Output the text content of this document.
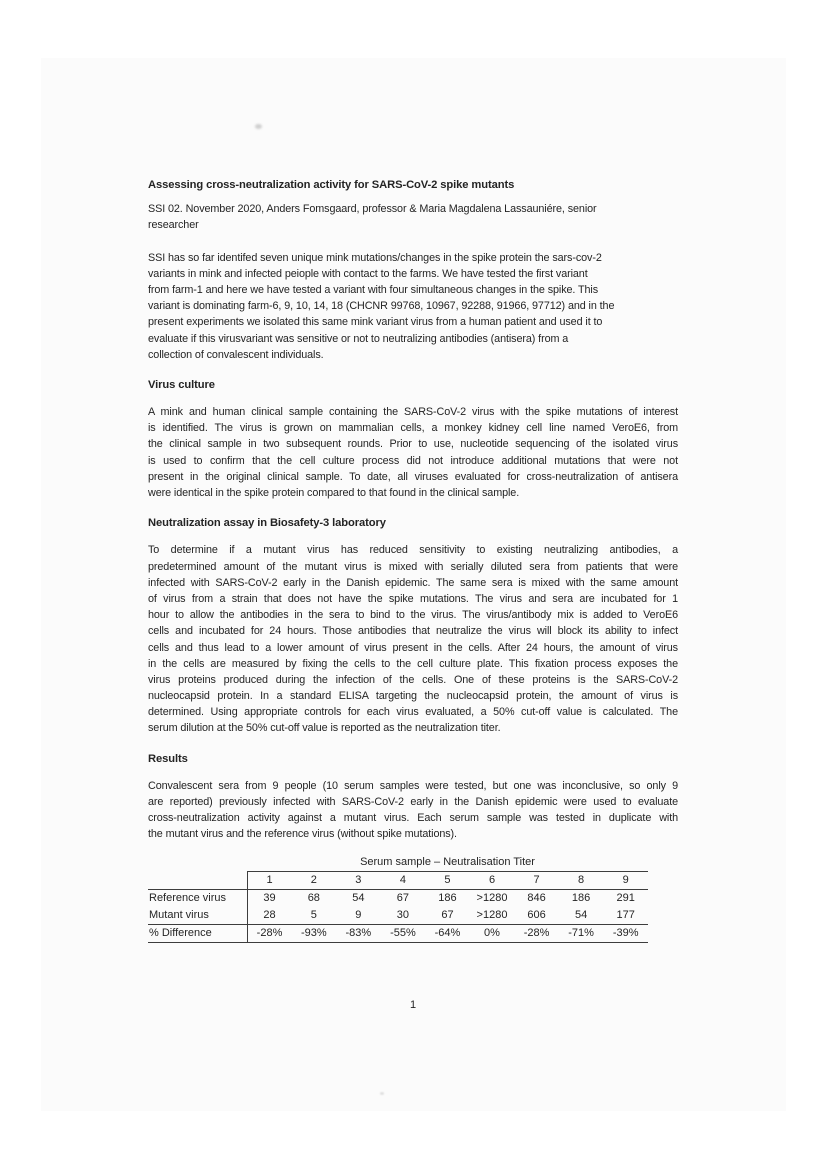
Assessing cross-neutralization activity for SARS-CoV-2 spike mutants
SSI 02. November 2020, Anders Fomsgaard, professor & Maria Magdalena Lassauniére, senior
researcher
SSI has so far identifed seven unique mink mutations/changes in the spike protein the sars-cov-2
variants in mink and infected peiople with contact to the farms. We have tested the first variant
from farm-1 and here we have tested a variant with four simultaneous changes in the spike. This
variant is dominating farm-6, 9, 10, 14, 18 (CHCNR 99768, 10967, 92288, 91966, 97712) and in the
present experiments we isolated this same mink variant virus from a human patient and used it to
evaluate if this virusvariant was sensitive or not to neutralizing antibodies (antisera) from a
collection of convalescent individuals.
Virus culture
A mink and human clinical sample containing the SARS-CoV-2 virus with the spike mutations of interest
is identified. The virus is grown on mammalian cells, a monkey kidney cell line named VeroE6, from
the clinical sample in two subsequent rounds. Prior to use, nucleotide sequencing of the isolated virus
is used to confirm that the cell culture process did not introduce additional mutations that were not
present in the original clinical sample. To date, all viruses evaluated for cross-neutralization of antisera
were identical in the spike protein compared to that found in the clinical sample.
Neutralization assay in Biosafety-3 laboratory
To determine if a mutant virus has reduced sensitivity to existing neutralizing antibodies, a
predetermined amount of the mutant virus is mixed with serially diluted sera from patients that were
infected with SARS-CoV-2 early in the Danish epidemic. The same sera is mixed with the same amount
of virus from a strain that does not have the spike mutations. The virus and sera are incubated for 1
hour to allow the antibodies in the sera to bind to the virus. The virus/antibody mix is added to VeroE6
cells and incubated for 24 hours. Those antibodies that neutralize the virus will block its ability to infect
cells and thus lead to a lower amount of virus present in the cells. After 24 hours, the amount of virus
in the cells are measured by fixing the cells to the cell culture plate. This fixation process exposes the
virus proteins produced during the infection of the cells. One of these proteins is the SARS-CoV-2
nucleocapsid protein. In a standard ELISA targeting the nucleocapsid protein, the amount of virus is
determined. Using appropriate controls for each virus evaluated, a 50% cut-off value is calculated. The
serum dilution at the 50% cut-off value is reported as the neutralization titer.
Results
Convalescent sera from 9 people (10 serum samples were tested, but one was inconclusive, so only 9
are reported) previously infected with SARS-CoV-2 early in the Danish epidemic were used to evaluate
cross-neutralization activity against a mutant virus. Each serum sample was tested in duplicate with
the mutant virus and the reference virus (without spike mutations).
Serum sample – Neutralisation Titer
	1	2	3	4	5	6	7	8	9
Reference virus	39	68	54	67	186	>1280	846	186	291
Mutant virus	28	5	9	30	67	>1280	606	54	177
% Difference	-28%	-93%	-83%	-55%	-64%	0%	-28%	-71%	-39%
1
